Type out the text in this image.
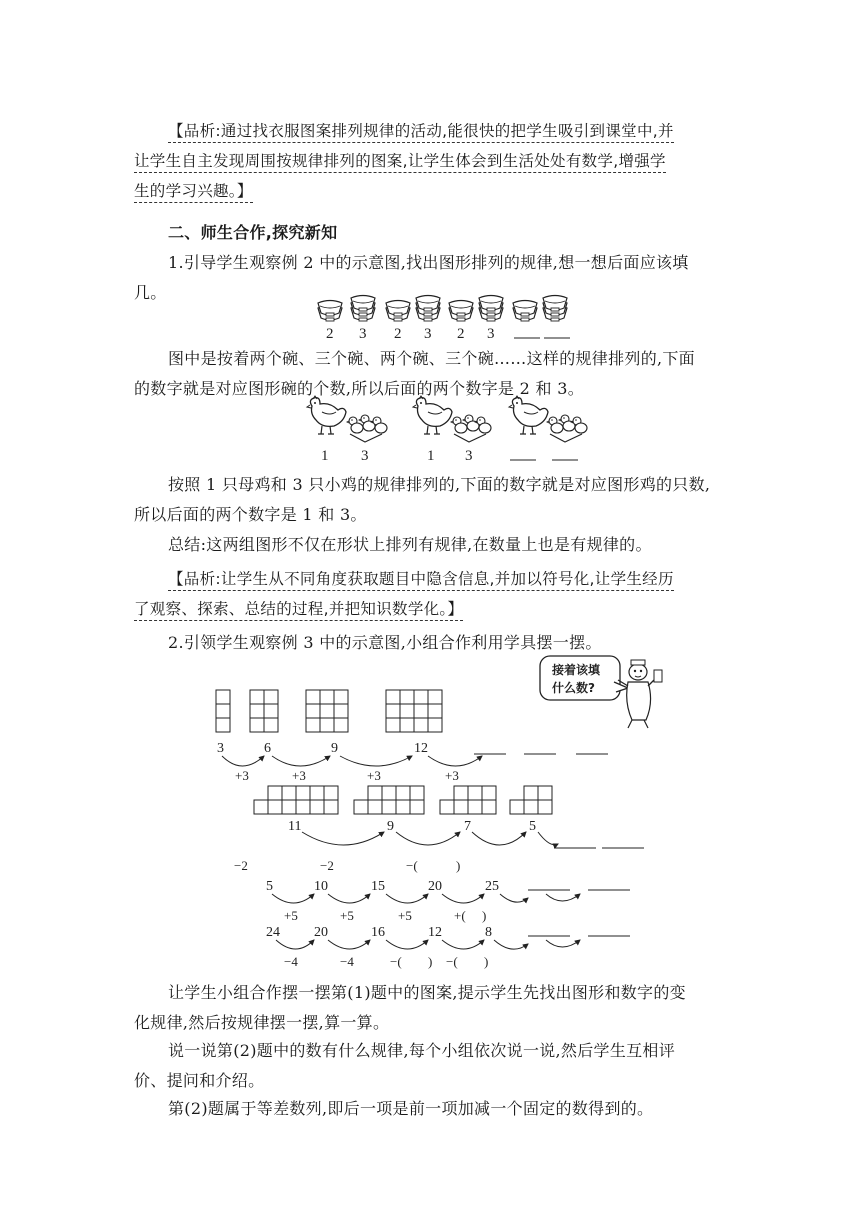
【品析:通过找衣服图案排列规律的活动,能很快的把学生吸引到课堂中,并
让学生自主发现周围按规律排列的图案,让学生体会到生活处处有数学,增强学
生的学习兴趣。】
二、师生合作,探究新知
1.引导学生观察例 2 中的示意图,找出图形排列的规律,想一想后面应该填
几。
2 3 2 3 2 3
图中是按着两个碗、三个碗、两个碗、三个碗……这样的规律排列的,下面
的数字就是对应图形碗的个数,所以后面的两个数字是 2 和 3。
1 3	1 3
按照 1 只母鸡和 3 只小鸡的规律排列的,下面的数字就是对应图形鸡的只数,
所以后面的两个数字是 1 和 3。
总结:这两组图形不仅在形状上排列有规律,在数量上也是有规律的。
【品析:让学生从不同角度获取题目中隐含信息,并加以符号化,让学生经历
了观察、探索、总结的过程,并把知识数学化。】
2.引领学生观察例 3 中的示意图,小组合作利用学具摆一摆。
接着该填
什么数?
3	6	9	12
+3	+3	+3	+3
11	9	7	5
−2	−2	−(	)
5	10	15	20	25
+5	+5	+5	+( )
24 20	16	12	8
−4	−4	−( ) −( )
让学生小组合作摆一摆第(1)题中的图案,提示学生先找出图形和数字的变
化规律,然后按规律摆一摆,算一算。
说一说第(2)题中的数有什么规律,每个小组依次说一说,然后学生互相评
价、提问和介绍。
第(2)题属于等差数列,即后一项是前一项加减一个固定的数得到的。
